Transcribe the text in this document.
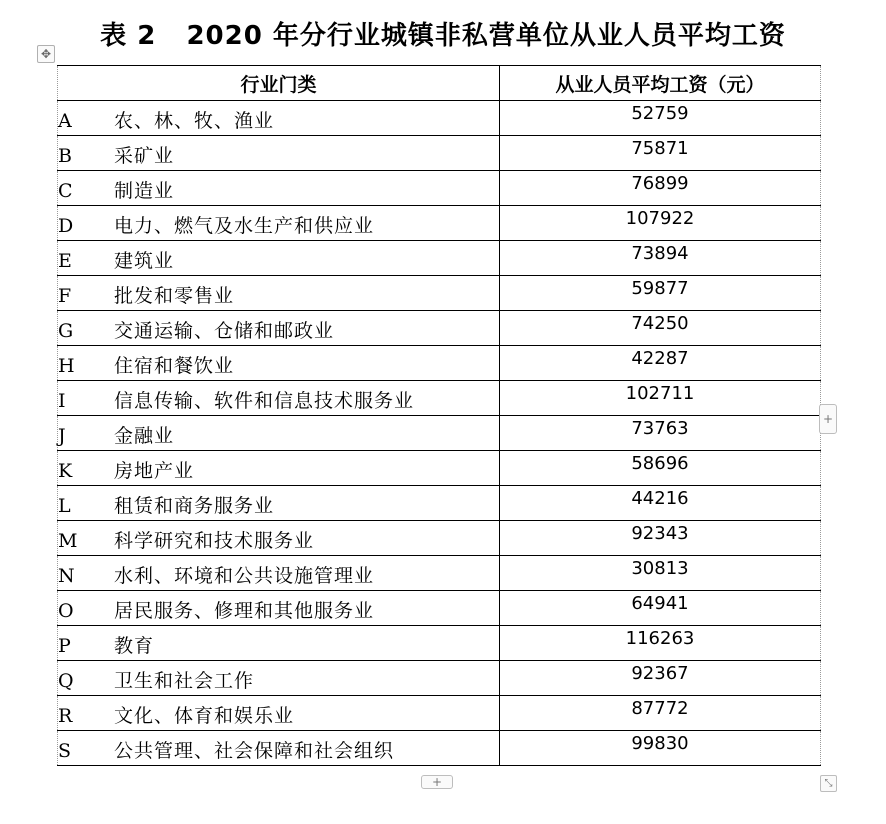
表 2   2020 年分行业城镇非私营单位从业人员平均工资
✥
行业门类	从业人员平均工资（元）
A 农、林、牧、渔业	52759
B 采矿业	75871
C 制造业	76899
D 电力、燃气及水生产和供应业	107922
E 建筑业	73894
F 批发和零售业	59877
G 交通运输、仓储和邮政业	74250
H 住宿和餐饮业	42287
I 信息传输、软件和信息技术服务业	102711
J 金融业	73763
K 房地产业	58696
L 租赁和商务服务业	44216
M 科学研究和技术服务业	92343
N 水利、环境和公共设施管理业	30813
O 居民服务、修理和其他服务业	64941
P 教育	116263
Q 卫生和社会工作	92367
R 文化、体育和娱乐业	87772
S 公共管理、社会保障和社会组织	99830
+
+	⤡
